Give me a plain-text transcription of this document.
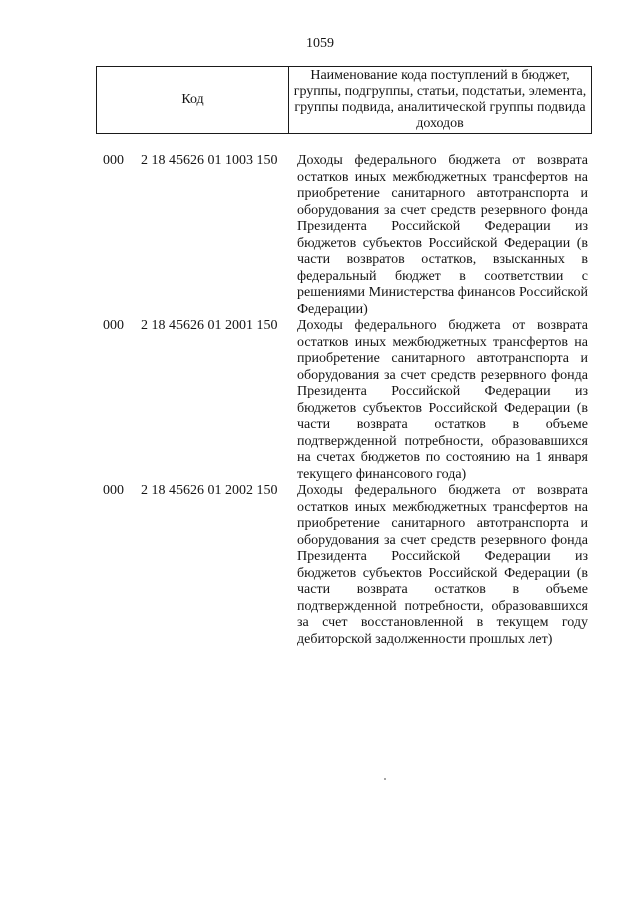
1059
Код
Наименование кода поступлений в бюджет, группы, подгруппы, статьи, подстатьи, элемента, группы подвида, аналитической группы подвида доходов
000 2 18 45626 01 1003 150 Доходы федерального бюджета от возврата остатков иных межбюджетных трансфертов на приобретение санитарного автотранспорта и оборудования за счет средств резервного фонда Президента Российской Федерации из бюджетов субъектов Российской Федерации (в части возвратов остатков, взысканных в федеральный бюджет в соответствии с решениями Министерства финансов Российской Федерации)
000 2 18 45626 01 2001 150 Доходы федерального бюджета от возврата остатков иных межбюджетных трансфертов на приобретение санитарного автотранспорта и оборудования за счет средств резервного фонда Президента Российской Федерации из бюджетов субъектов Российской Федерации (в части возврата остатков в объеме подтвержденной потребности, образовавшихся на счетах бюджетов по состоянию на 1 января текущего финансового года)
000 2 18 45626 01 2002 150 Доходы федерального бюджета от возврата остатков иных межбюджетных трансфертов на приобретение санитарного автотранспорта и оборудования за счет средств резервного фонда Президента Российской Федерации из бюджетов субъектов Российской Федерации (в части возврата остатков в объеме подтвержденной потребности, образовавшихся за счет восстановленной в текущем году дебиторской задолженности прошлых лет)
